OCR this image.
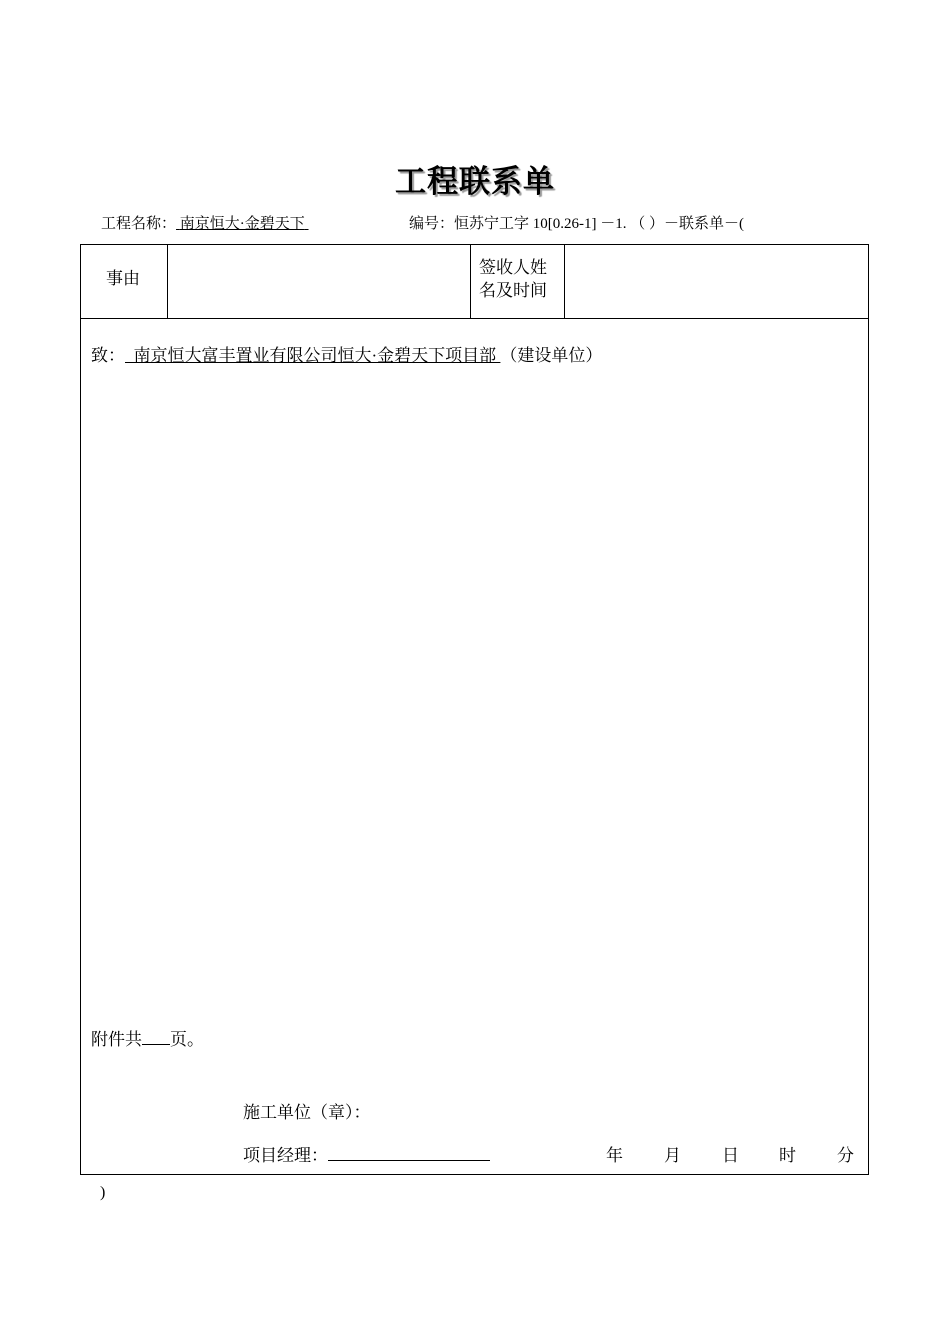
工程联系单
工程名称： 南京恒大·金碧天下	编号：恒苏宁工字 10[0.26-1] －1. （ ）－联系单－(
事由
签收人姓
名及时间
致：  南京恒大富丰置业有限公司恒大·金碧天下项目部 （建设单位）
附件共 页。
施工单位（章）：
项目经理：	年 月 日 时 分
)
